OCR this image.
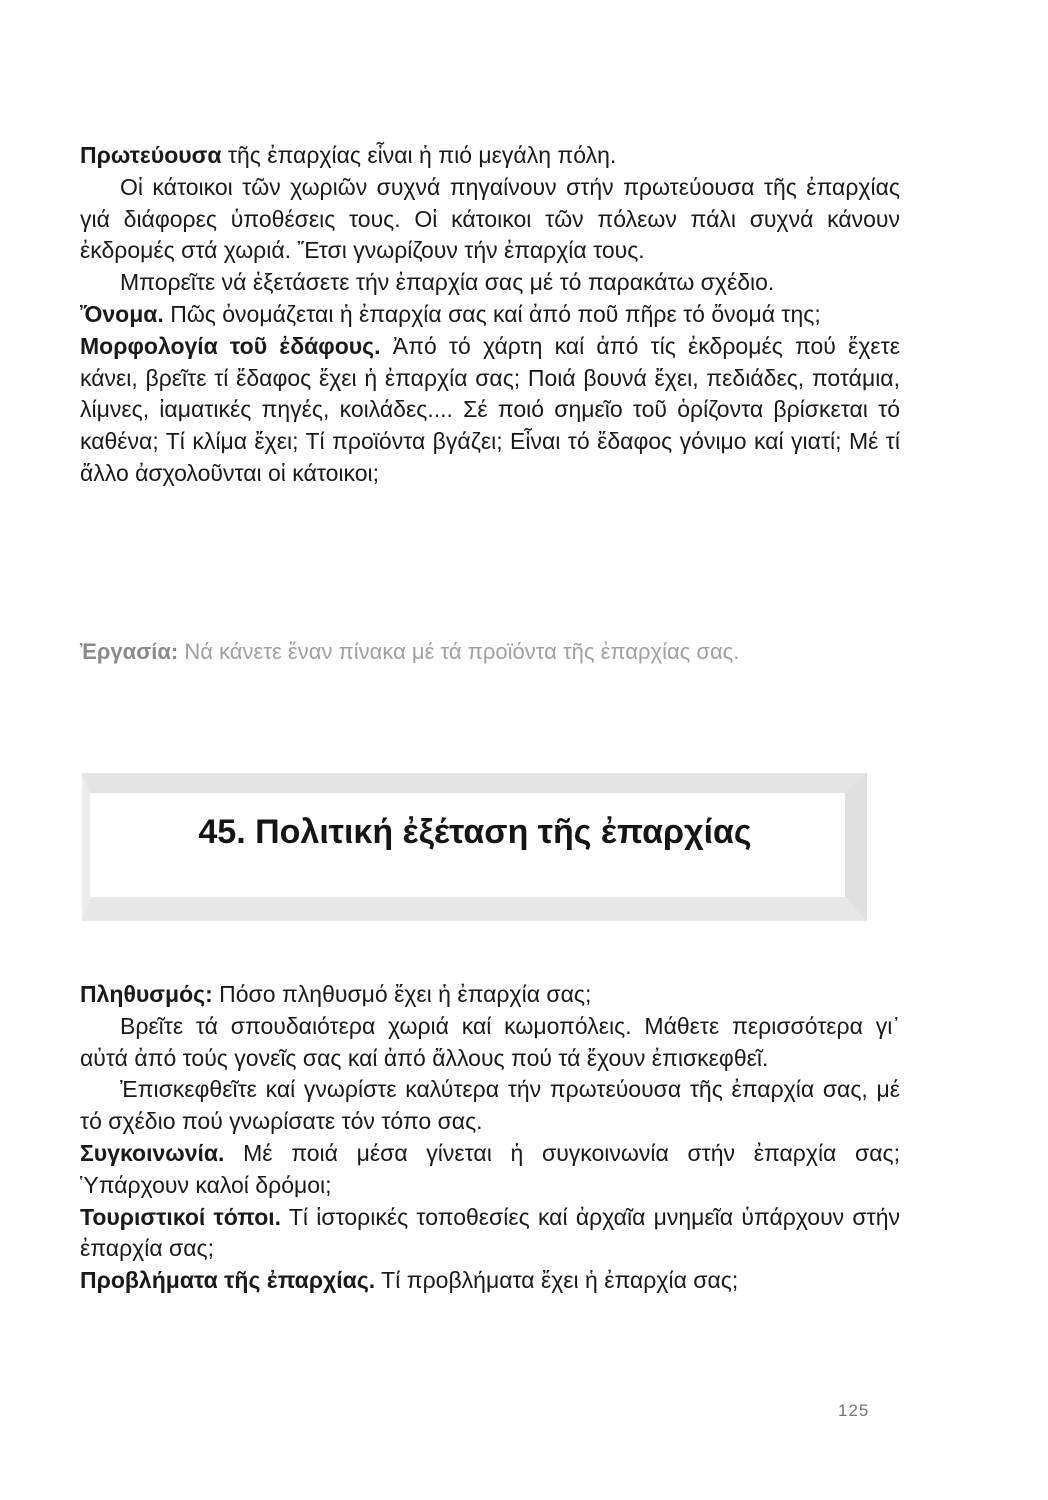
Πρωτεύουσα τῆς ἐπαρχίας εἶναι ἡ πιό μεγάλη πόλη.

Οἱ κάτοικοι τῶν χωριῶν συχνά πηγαίνουν στήν πρωτεύουσα τῆς ἐπαρχίας γιά διάφορες ὑποθέσεις τους. Οἱ κάτοικοι τῶν πόλεων πάλι συχνά κάνουν ἐκδρομές στά χωριά. Ἔτσι γνωρίζουν τήν ἐπαρχία τους.

Μπορεῖτε νά ἐξετάσετε τήν ἐπαρχία σας μέ τό παρακάτω σχέδιο.

Ὄνομα. Πῶς ὀνομάζεται ἡ ἐπαρχία σας καί ἀπό ποῦ πῆρε τό ὄνομά της;

Μορφολογία τοῦ ἐδάφους. Ἀπό τό χάρτη καί ἀπό τίς ἐκδρομές πού ἔχετε κάνει, βρεῖτε τί ἔδαφος ἔχει ἡ ἐπαρχία σας; Ποιά βουνά ἔχει, πεδιάδες, ποτάμια, λίμνες, ἰαματικές πηγές, κοιλάδες.... Σέ ποιό σημεῖο τοῦ ὁρίζοντα βρίσκεται τό καθένα; Τί κλίμα ἔχει; Τί προϊόντα βγάζει; Εἶναι τό ἔδαφος γόνιμο καί γιατί; Μέ τί ἄλλο ἀσχολοῦνται οἱ κάτοικοι;

Ἐργασία: Νά κάνετε ἕναν πίνακα μέ τά προϊόντα τῆς ἐπαρχίας σας.
45. Πολιτική ἐξέταση τῆς ἐπαρχίας

Πληθυσμός: Πόσο πληθυσμό ἔχει ἡ ἐπαρχία σας;

Βρεῖτε τά σπουδαιότερα χωριά καί κωμοπόλεις. Μάθετε περισσότερα γι᾽ αὐτά ἀπό τούς γονεῖς σας καί ἀπό ἄλλους πού τά ἔχουν ἐπισκεφθεῖ.

Ἐπισκεφθεῖτε καί γνωρίστε καλύτερα τήν πρωτεύουσα τῆς ἐπαρχία σας, μέ τό σχέδιο πού γνωρίσατε τόν τόπο σας.

Συγκοινωνία. Μέ ποιά μέσα γίνεται ἡ συγκοινωνία στήν ἐπαρχία σας; Ὑπάρχουν καλοί δρόμοι;

Τουριστικοί τόποι. Τί ἱστορικές τοποθεσίες καί ἀρχαῖα μνημεῖα ὑπάρχουν στήν ἐπαρχία σας;

Προβλήματα τῆς ἐπαρχίας. Τί προβλήματα ἔχει ἡ ἐπαρχία σας;

125
